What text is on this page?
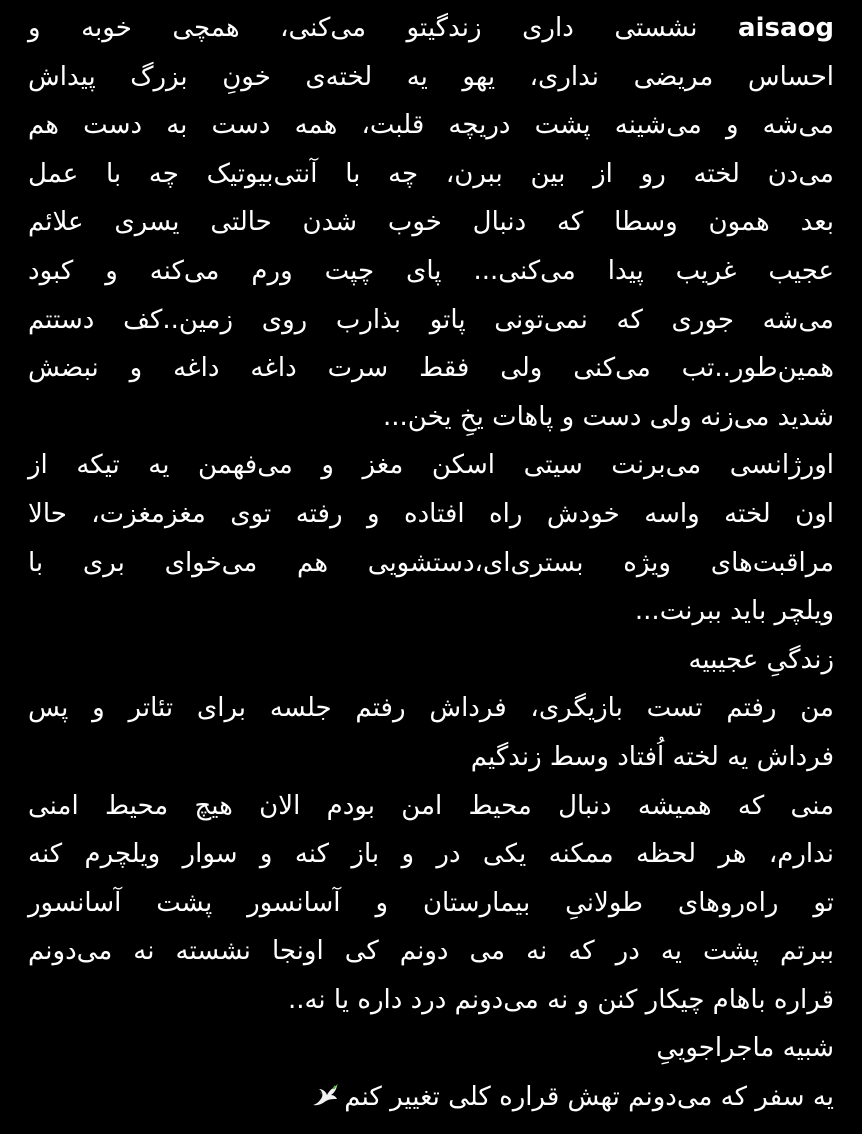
aisaog نشستی داری زندگیتو می‌کنی، همچی خوبه و
احساس مریضی نداری، یهو یه لخته‌ی خونِ بزرگ پیداش
می‌شه و می‌شینه پشت دریچه قلبت، همه دست به دست هم
می‌دن لخته رو از بین ببرن، چه با آنتی‌بیوتیک چه با عمل
بعد همون وسطا که دنبال خوب شدن حالتی یسری علائم
عجیب غریب پیدا می‌کنی... پای چپت ورم می‌کنه و کبود
می‌شه جوری که نمی‌تونی پاتو بذارب روی زمین..کف دستتم
همین‌طور..تب می‌کنی ولی فقط سرت داغه داغه و نبضش
شدید می‌زنه ولی دست و پاهات یخِ یخن...
اورژانسی می‌برنت سیتی اسکن مغز و می‌فهمن یه تیکه از
اون لخته واسه خودش راه افتاده و رفته توی مغزمغزت، حالا
مراقبت‌های ویژه بستری‌ای،دستشویی هم می‌خوای بری با
ویلچر باید ببرنت...
زندگیِ عجیبیه
من رفتم تست بازیگری، فرداش رفتم جلسه برای تئاتر و پس
فرداش یه لخته اُفتاد وسط زندگیم
منی که همیشه دنبال محیط امن بودم الان هیچ محیط امنی
ندارم، هر لحظه ممکنه یکی در و باز کنه و سوار ویلچرم کنه
تو راه‌روهای طولانیِ بیمارستان و آسانسور پشت آسانسور
ببرتم پشت یه در که نه می دونم کی اونجا نشسته نه می‌دونم
قراره باهام چیکار کنن و نه می‌دونم درد داره یا نه..
شبیه ماجراجوییِ
یه سفر که می‌دونم تهش قراره کلی تغییر کنم
